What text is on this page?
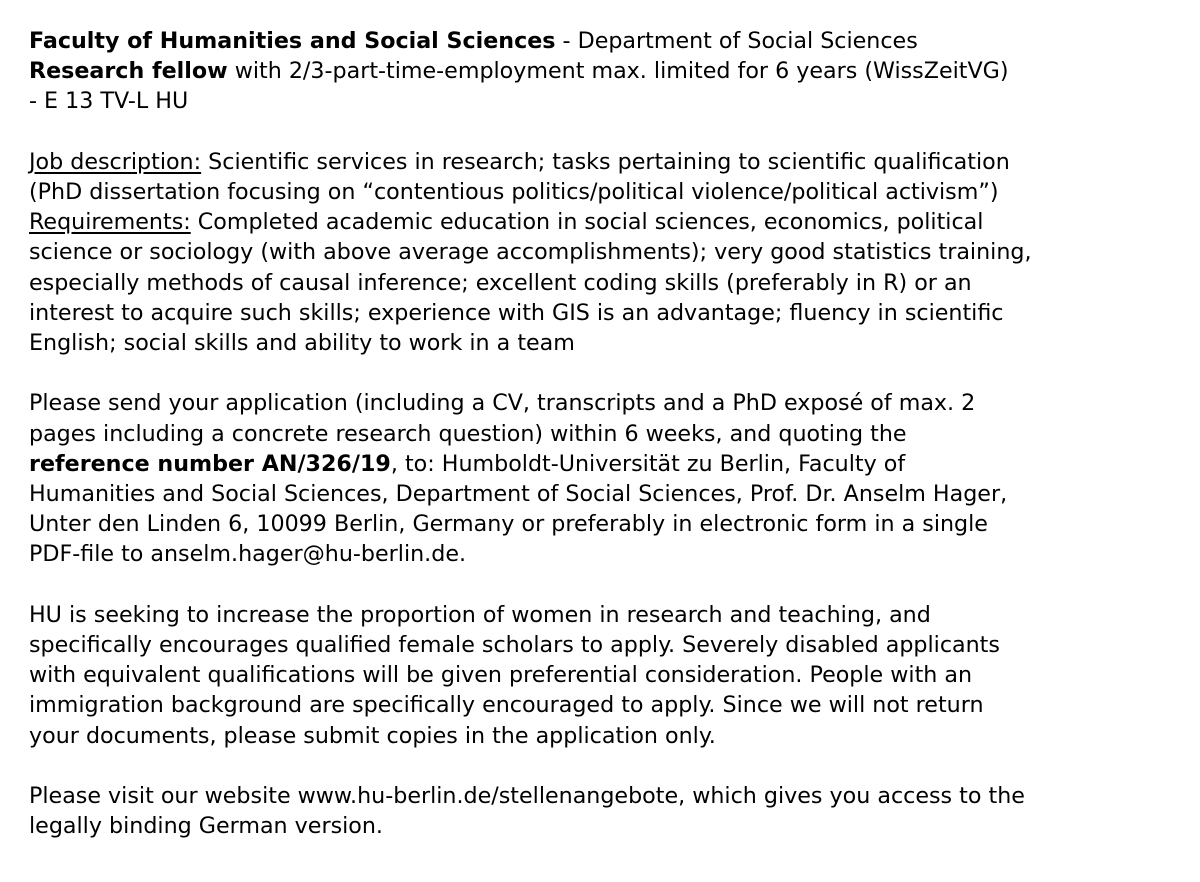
Faculty of Humanities and Social Sciences - Department of Social Sciences
Research fellow with 2/3-part-time-employment max. limited for 6 years (WissZeitVG)
- E 13 TV-L HU
Job description: Scientific services in research; tasks pertaining to scientific qualification
(PhD dissertation focusing on “contentious politics/political violence/political activism”)
Requirements: Completed academic education in social sciences, economics, political
science or sociology (with above average accomplishments); very good statistics training,
especially methods of causal inference; excellent coding skills (preferably in R) or an
interest to acquire such skills; experience with GIS is an advantage; fluency in scientific
English; social skills and ability to work in a team
Please send your application (including a CV, transcripts and a PhD exposé of max. 2
pages including a concrete research question) within 6 weeks, and quoting the
reference number AN/326/19, to: Humboldt-Universität zu Berlin, Faculty of
Humanities and Social Sciences, Department of Social Sciences, Prof. Dr. Anselm Hager,
Unter den Linden 6, 10099 Berlin, Germany or preferably in electronic form in a single
PDF-file to anselm.hager@hu-berlin.de.
HU is seeking to increase the proportion of women in research and teaching, and
specifically encourages qualified female scholars to apply. Severely disabled applicants
with equivalent qualifications will be given preferential consideration. People with an
immigration background are specifically encouraged to apply. Since we will not return
your documents, please submit copies in the application only.
Please visit our website www.hu-berlin.de/stellenangebote, which gives you access to the
legally binding German version.
